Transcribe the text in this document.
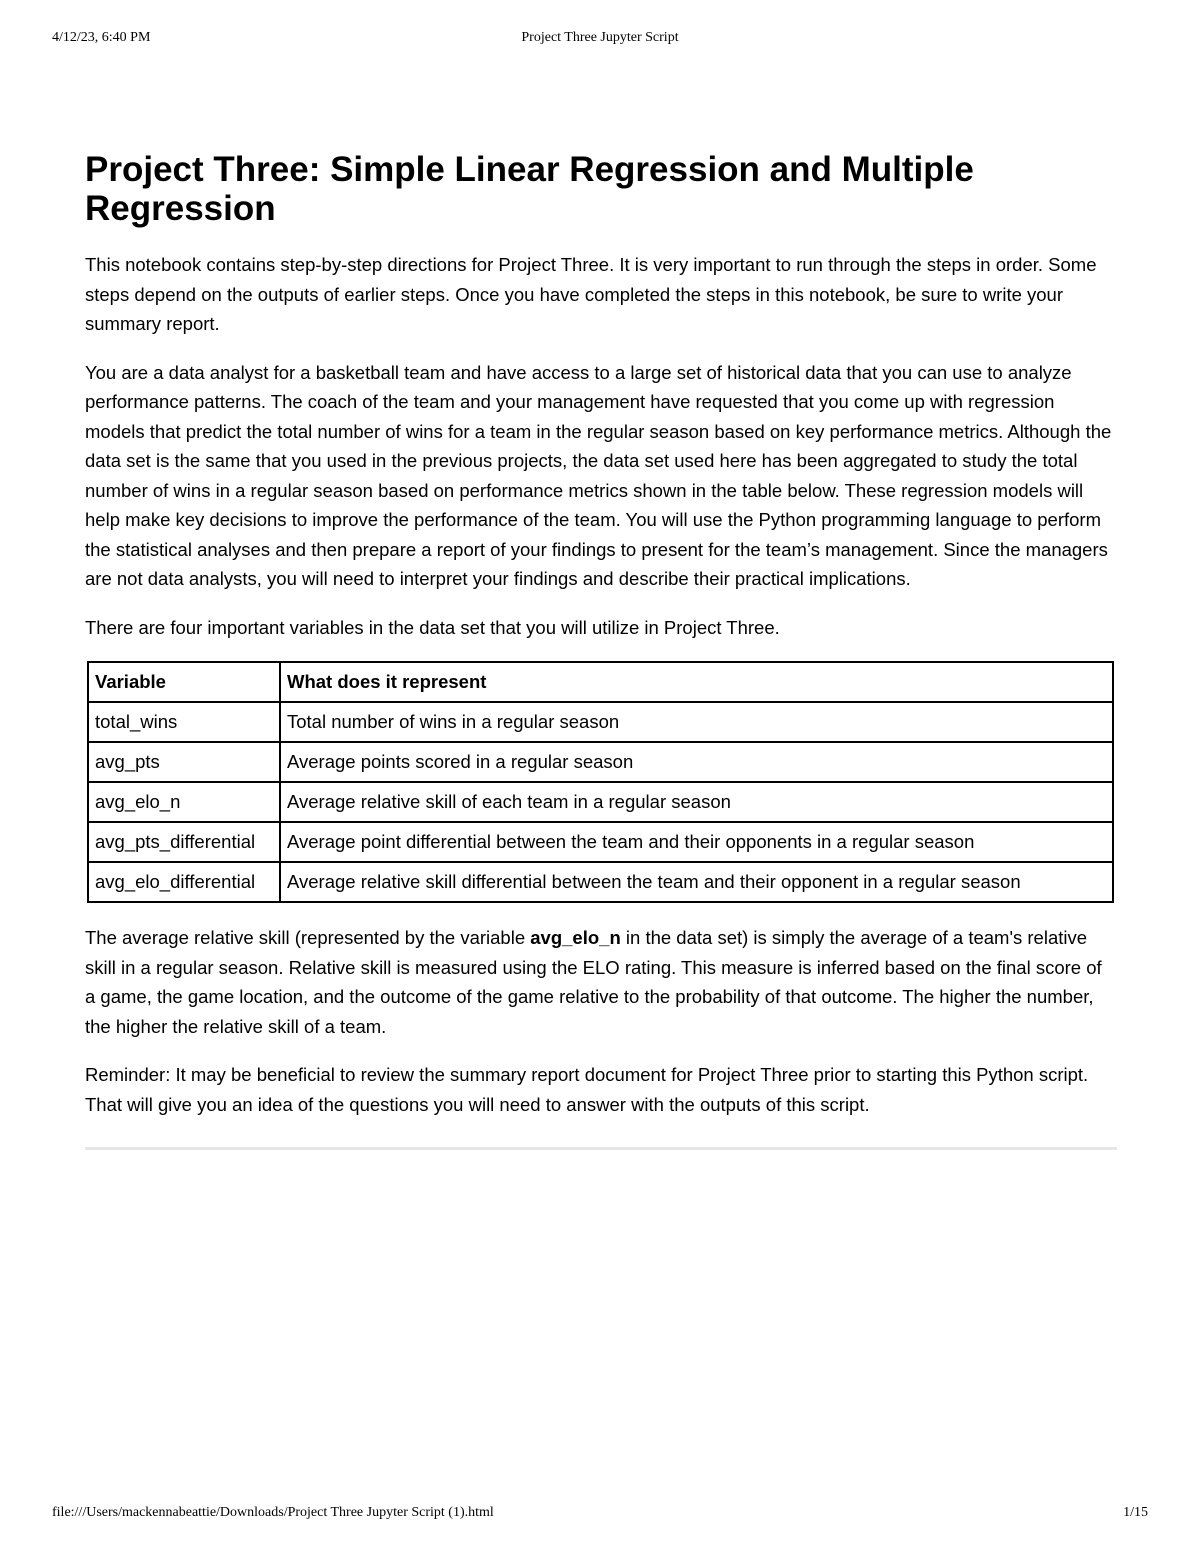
4/12/23, 6:40 PM	Project Three Jupyter Script
Project Three: Simple Linear Regression and Multiple Regression

This notebook contains step-by-step directions for Project Three. It is very important to run through the steps in order. Some steps depend on the outputs of earlier steps. Once you have completed the steps in this notebook, be sure to write your summary report.

You are a data analyst for a basketball team and have access to a large set of historical data that you can use to analyze performance patterns. The coach of the team and your management have requested that you come up with regression models that predict the total number of wins for a team in the regular season based on key performance metrics. Although the data set is the same that you used in the previous projects, the data set used here has been aggregated to study the total number of wins in a regular season based on performance metrics shown in the table below. These regression models will help make key decisions to improve the performance of the team. You will use the Python programming language to perform the statistical analyses and then prepare a report of your findings to present for the team’s management. Since the managers are not data analysts, you will need to interpret your findings and describe their practical implications.

There are four important variables in the data set that you will utilize in Project Three.

Variable	What does it represent
total_wins	Total number of wins in a regular season
avg_pts	Average points scored in a regular season
avg_elo_n	Average relative skill of each team in a regular season
avg_pts_differential	Average point differential between the team and their opponents in a regular season
avg_elo_differential	Average relative skill differential between the team and their opponent in a regular season

The average relative skill (represented by the variable avg_elo_n in the data set) is simply the average of a team's relative skill in a regular season. Relative skill is measured using the ELO rating. This measure is inferred based on the final score of a game, the game location, and the outcome of the game relative to the probability of that outcome. The higher the number, the higher the relative skill of a team.

Reminder: It may be beneficial to review the summary report document for Project Three prior to starting this Python script. That will give you an idea of the questions you will need to answer with the outputs of this script.

file:///Users/mackennabeattie/Downloads/Project Three Jupyter Script (1).html	1/15
